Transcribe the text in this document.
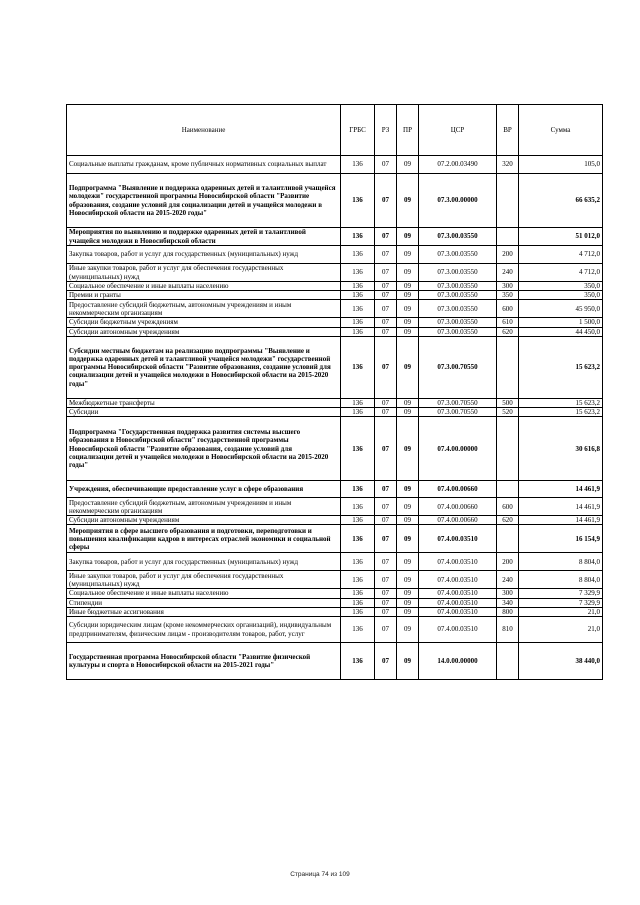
Наименование	ГРБС	РЗ	ПР	ЦСР	ВР	Сумма
Социальные выплаты гражданам, кроме публичных нормативных социальных выплат	136	07	09	07.2.00.03490	320	105,0
Подпрограмма "Выявление и поддержка одаренных детей и талантливой учащейся молодежи" государственной программы Новосибирской области "Развитие образования, создание условий для социализации детей и учащейся молодежи в Новосибирской области на 2015-2020 годы"	136	07	09	07.3.00.00000		66 635,2
Мероприятия по выявлению и поддержке одаренных детей и талантливой учащейся молодежи в Новосибирской области	136	07	09	07.3.00.03550		51 012,0
Закупка товаров, работ и услуг для государственных (муниципальных) нужд	136	07	09	07.3.00.03550	200	4 712,0
Иные закупки товаров, работ и услуг для обеспечения государственных (муниципальных) нужд	136	07	09	07.3.00.03550	240	4 712,0
Социальное обеспечение и иные выплаты населению	136	07	09	07.3.00.03550	300	350,0
Премии и гранты	136	07	09	07.3.00.03550	350	350,0
Предоставление субсидий бюджетным, автономным учреждениям и иным некоммерческим организациям	136	07	09	07.3.00.03550	600	45 950,0
Субсидии бюджетным учреждениям	136	07	09	07.3.00.03550	610	1 500,0
Субсидии автономным учреждениям	136	07	09	07.3.00.03550	620	44 450,0
Субсидии местным бюджетам на реализацию подпрограммы "Выявление и поддержка одаренных детей и талантливой учащейся молодежи" государственной программы Новосибирской области "Развитие образования, создание условий для социализации детей и учащейся молодежи в Новосибирской области на 2015-2020 годы"	136	07	09	07.3.00.70550		15 623,2
Межбюджетные трансферты	136	07	09	07.3.00.70550	500	15 623,2
Субсидии	136	07	09	07.3.00.70550	520	15 623,2
Подпрограмма "Государственная поддержка развития системы высшего образования в Новосибирской области" государственной программы Новосибирской области "Развитие образования, создание условий для социализации детей и учащейся молодежи в Новосибирской области на 2015-2020 годы"	136	07	09	07.4.00.00000		30 616,8
Учреждения, обеспечивающие предоставление услуг в сфере образования	136	07	09	07.4.00.00660		14 461,9
Предоставление субсидий бюджетным, автономным учреждениям и иным некоммерческим организациям	136	07	09	07.4.00.00660	600	14 461,9
Субсидии автономным учреждениям	136	07	09	07.4.00.00660	620	14 461,9
Мероприятия в сфере высшего образования и подготовки, переподготовки и повышения квалификации кадров в интересах отраслей экономики и социальной сферы	136	07	09	07.4.00.03510		16 154,9
Закупка товаров, работ и услуг для государственных (муниципальных) нужд	136	07	09	07.4.00.03510	200	8 804,0
Иные закупки товаров, работ и услуг для обеспечения государственных (муниципальных) нужд	136	07	09	07.4.00.03510	240	8 804,0
Социальное обеспечение и иные выплаты населению	136	07	09	07.4.00.03510	300	7 329,9
Стипендии	136	07	09	07.4.00.03510	340	7 329,9
Иные бюджетные ассигнования	136	07	09	07.4.00.03510	800	21,0
Субсидии юридическим лицам (кроме некоммерческих организаций), индивидуальным предпринимателям, физическим лицам - производителям товаров, работ, услуг	136	07	09	07.4.00.03510	810	21,0
Государственная программа Новосибирской области "Развитие физической культуры и спорта в Новосибирской области на 2015-2021 годы"	136	07	09	14.0.00.00000		38 440,0
Страница 74 из 109
